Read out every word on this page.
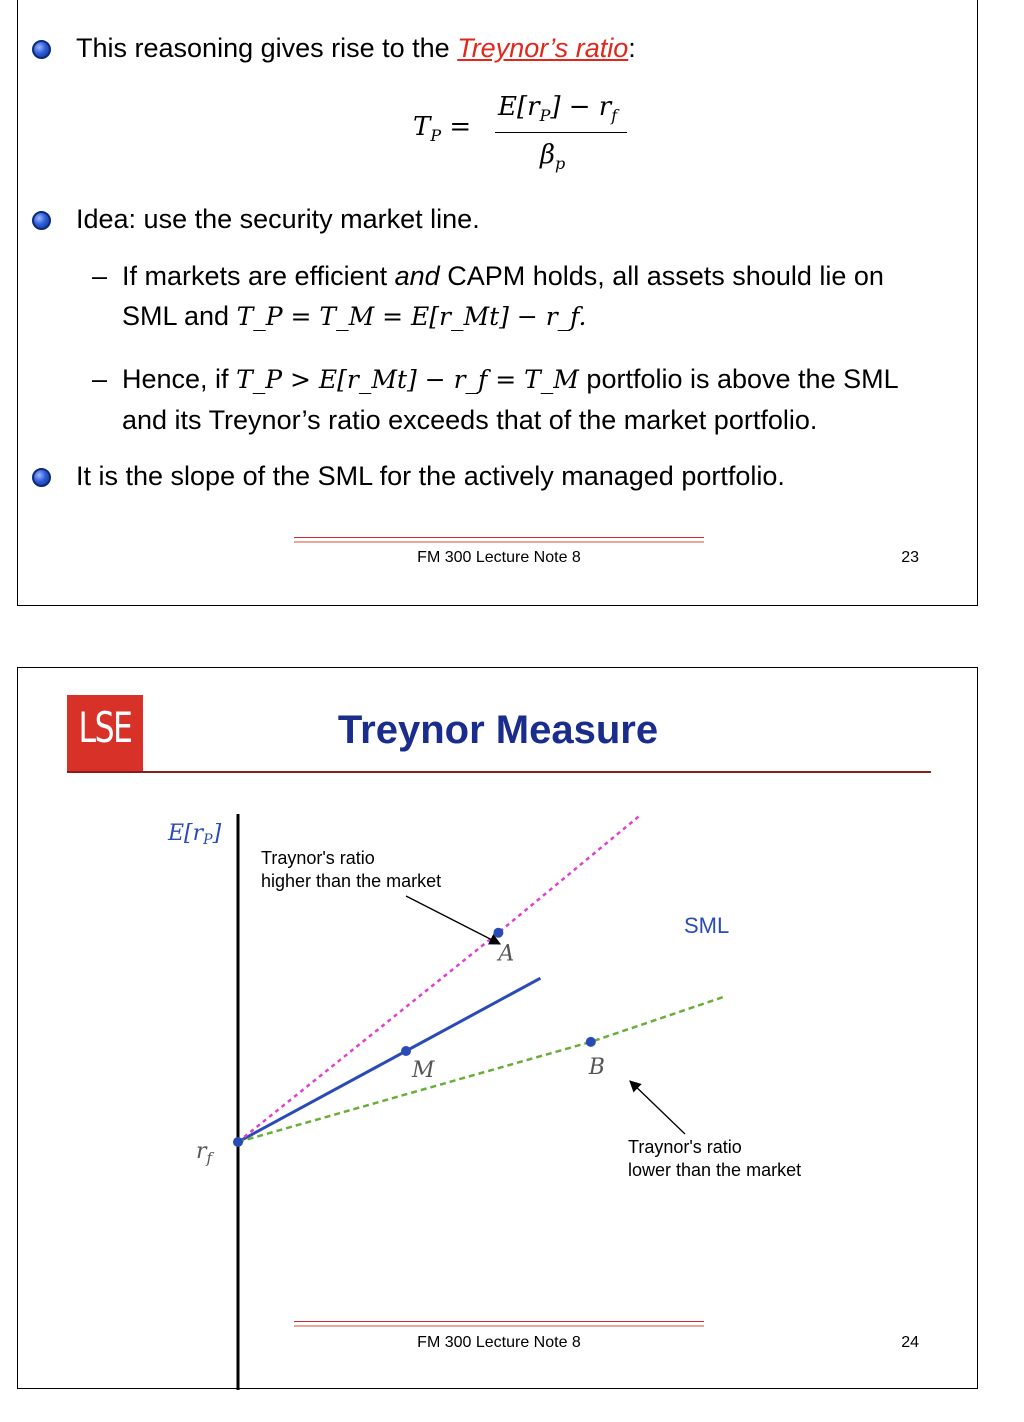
This reasoning gives rise to the Treynor’s ratio:
$T_P$ =
$E[r_P] - r_f$
$\beta_p$
Idea: use the security market line.
– If markets are efficient and CAPM holds, all assets should lie on SML and T_P = T_M = E[r_Mt] − r_f.
– Hence, if T_P > E[r_Mt] − r_f = T_M portfolio is above the SML and its Treynor’s ratio exceeds that of the market portfolio.
It is the slope of the SML for the actively managed portfolio.
FM 300 Lecture Note 8	23
LSE	Treynor Measure
E[rP]
Traynor's ratio
higher than the market
Traynor's ratio
lower than the market
SML
$r_f$
M
A
B
FM 300 Lecture Note 8	24
